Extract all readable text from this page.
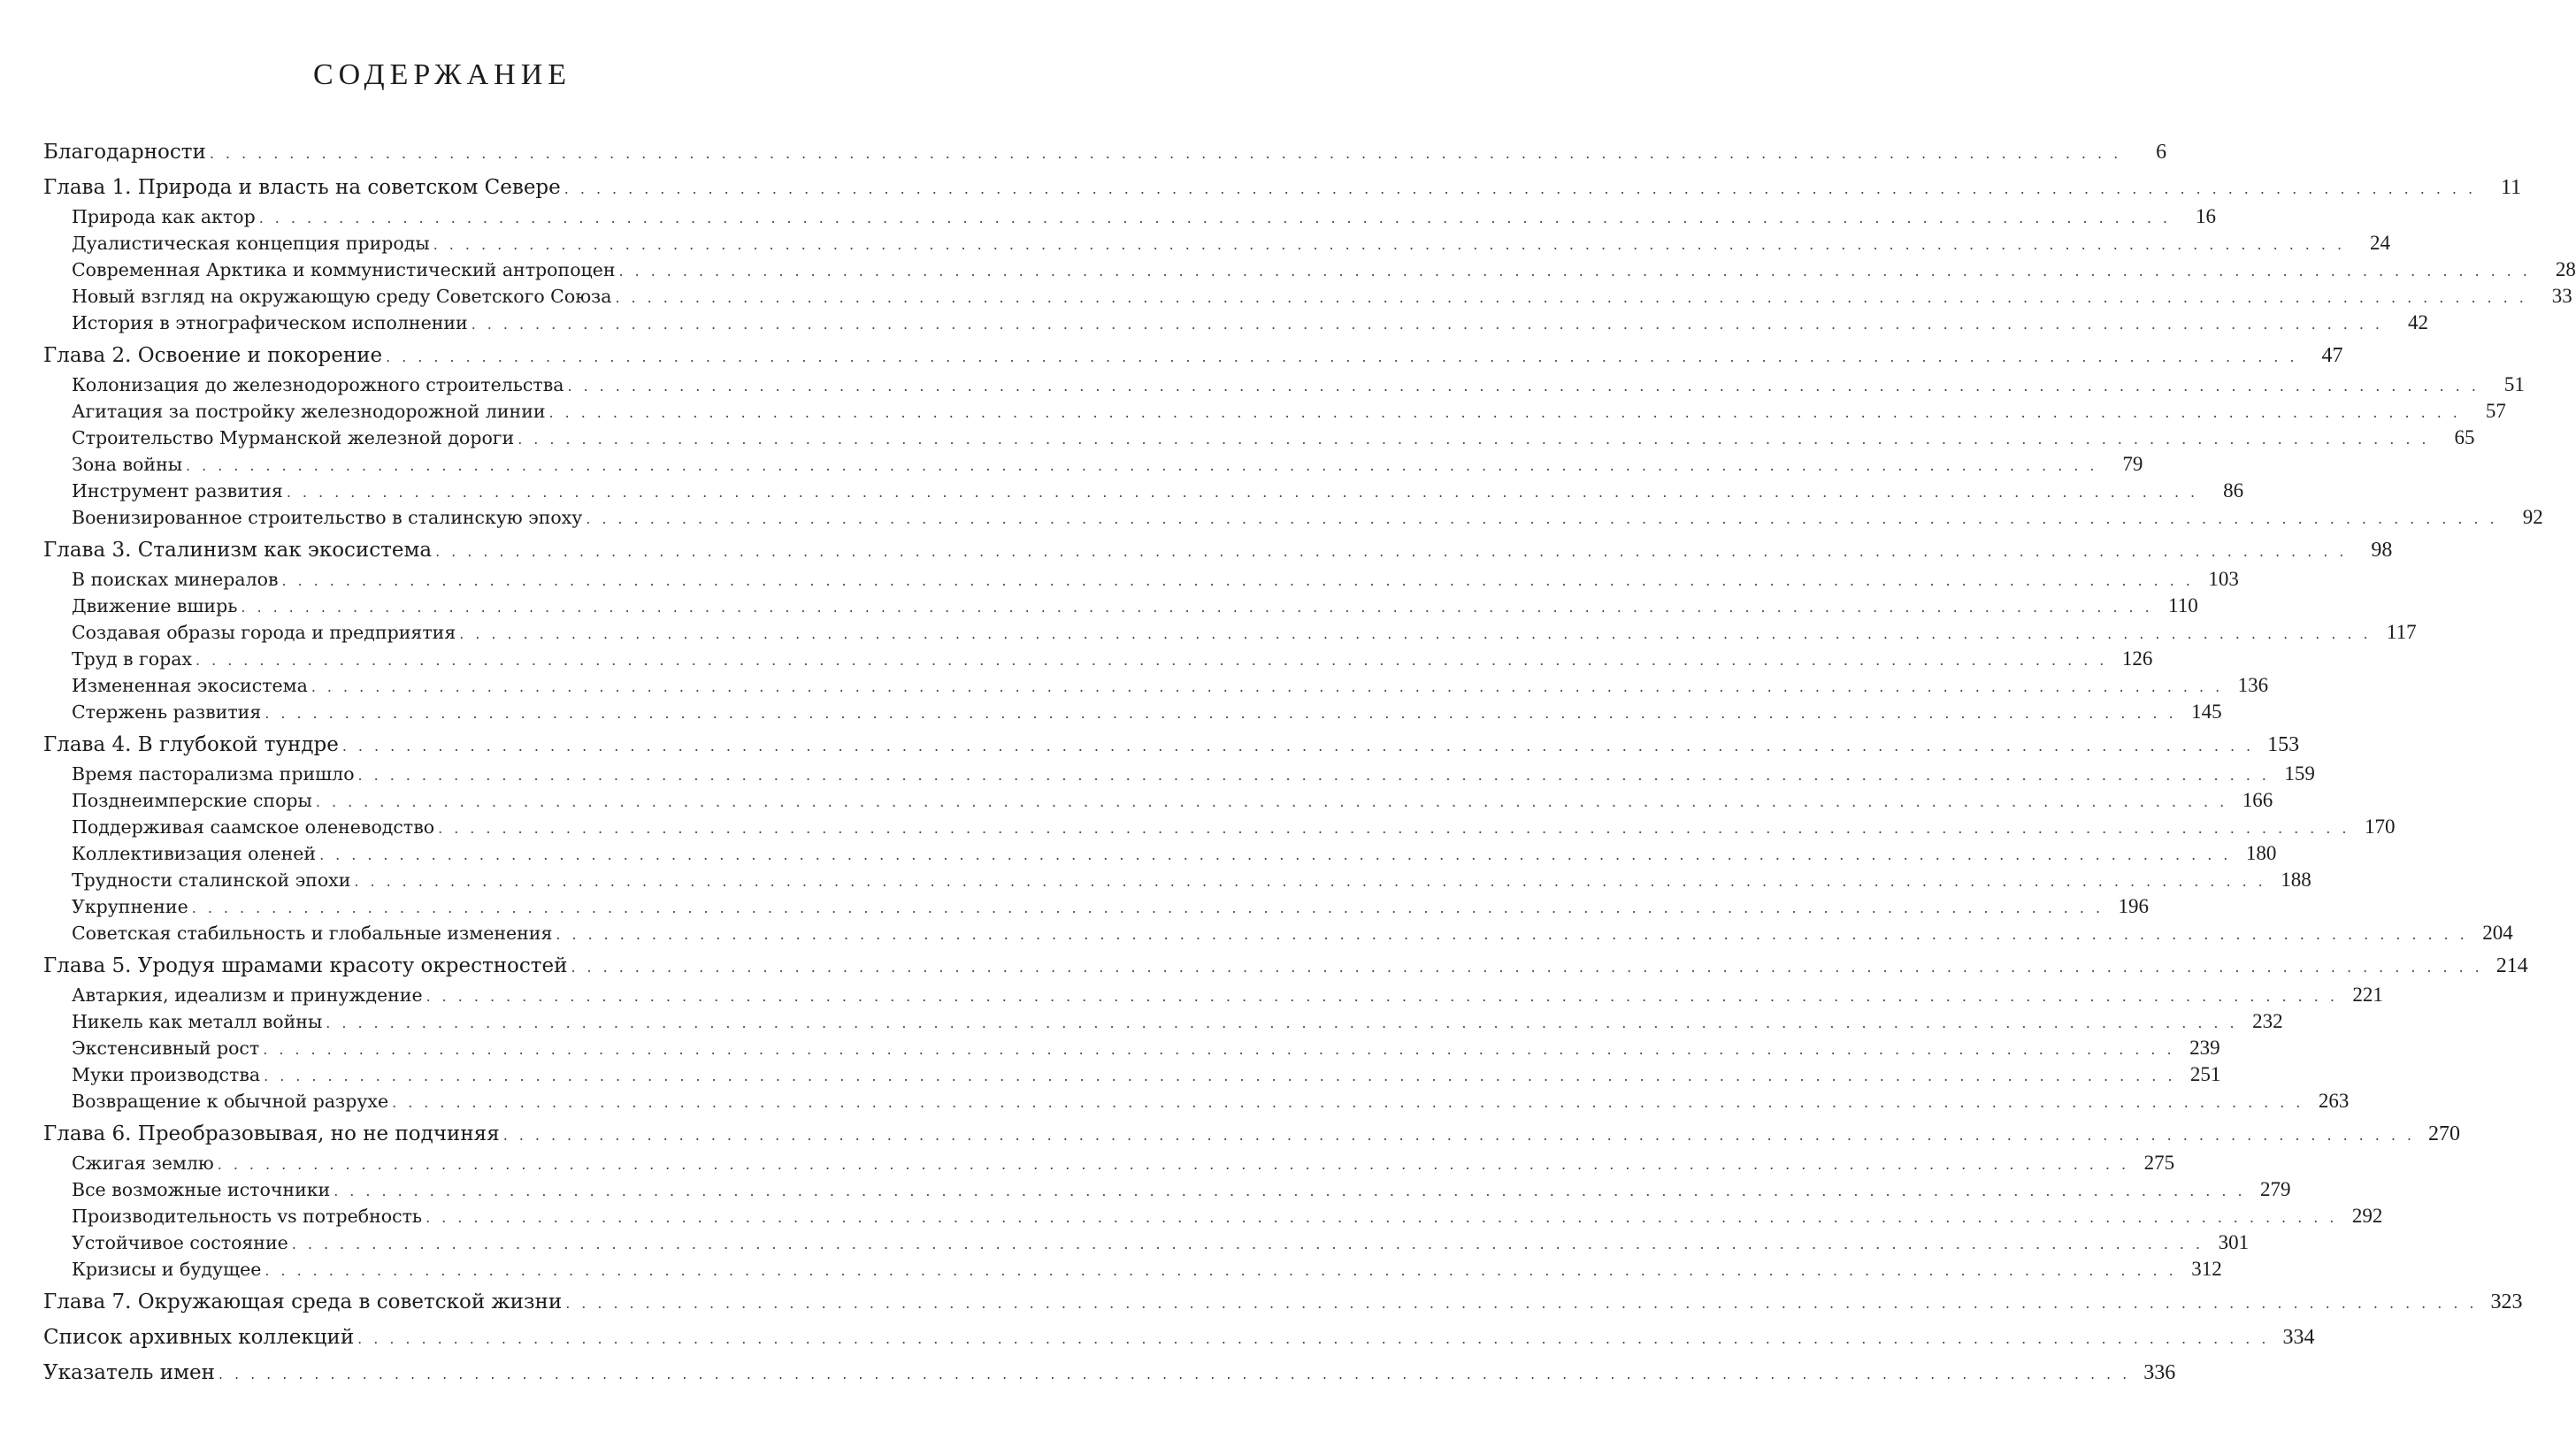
СОДЕРЖАНИЕ
Благодарности ........................................................................................................................	6
Глава 1. Природа и власть на советском Севере ........................................................................................................................ 11
Природа как актор ........................................................................................................................ 16
Дуалистическая концепция природы ........................................................................................................................ 24
Современная Арктика и коммунистический антропоцен ........................................................................................................................ 28
Новый взгляд на окружающую среду Советского Союза ........................................................................................................................ 33
История в этнографическом исполнении ........................................................................................................................ 42
Глава 2. Освоение и покорение ........................................................................................................................ 47
Колонизация до железнодорожного строительства ........................................................................................................................ 51
Агитация за постройку железнодорожной линии ........................................................................................................................ 57
Строительство Мурманской железной дороги ........................................................................................................................ 65
Зона войны ........................................................................................................................ 79
Инструмент развития ........................................................................................................................ 86
Военизированное строительство в сталинскую эпоху ........................................................................................................................ 92
Глава 3. Сталинизм как экосистема ........................................................................................................................ 98
В поисках минералов ........................................................................................................................ 103
Движение вширь ........................................................................................................................ 110
Создавая образы города и предприятия ........................................................................................................................ 117
Труд в горах ........................................................................................................................ 126
Измененная экосистема ........................................................................................................................ 136
Стержень развития ........................................................................................................................ 145
Глава 4. В глубокой тундре ........................................................................................................................ 153
Время пасторализма пришло ........................................................................................................................ 159
Позднеимперские споры ........................................................................................................................ 166
Поддерживая саамское оленеводство ........................................................................................................................ 170
Коллективизация оленей ........................................................................................................................ 180
Трудности сталинской эпохи ........................................................................................................................ 188
Укрупнение ........................................................................................................................ 196
Советская стабильность и глобальные изменения ........................................................................................................................ 204
Глава 5. Уродуя шрамами красоту окрестностей ........................................................................................................................ 214
Автаркия, идеализм и принуждение ........................................................................................................................ 221
Никель как металл войны ........................................................................................................................ 232
Экстенсивный рост ........................................................................................................................ 239
Муки производства ........................................................................................................................ 251
Возвращение к обычной разрухе ........................................................................................................................ 263
Глава 6. Преобразовывая, но не подчиняя ........................................................................................................................ 270
Сжигая землю ........................................................................................................................ 275
Все возможные источники ........................................................................................................................ 279
Производительность vs потребность ........................................................................................................................ 292
Устойчивое состояние ........................................................................................................................ 301
Кризисы и будущее ........................................................................................................................ 312
Глава 7. Окружающая среда в советской жизни ........................................................................................................................ 323
Список архивных коллекций ........................................................................................................................ 334
Указатель имен ........................................................................................................................ 336
